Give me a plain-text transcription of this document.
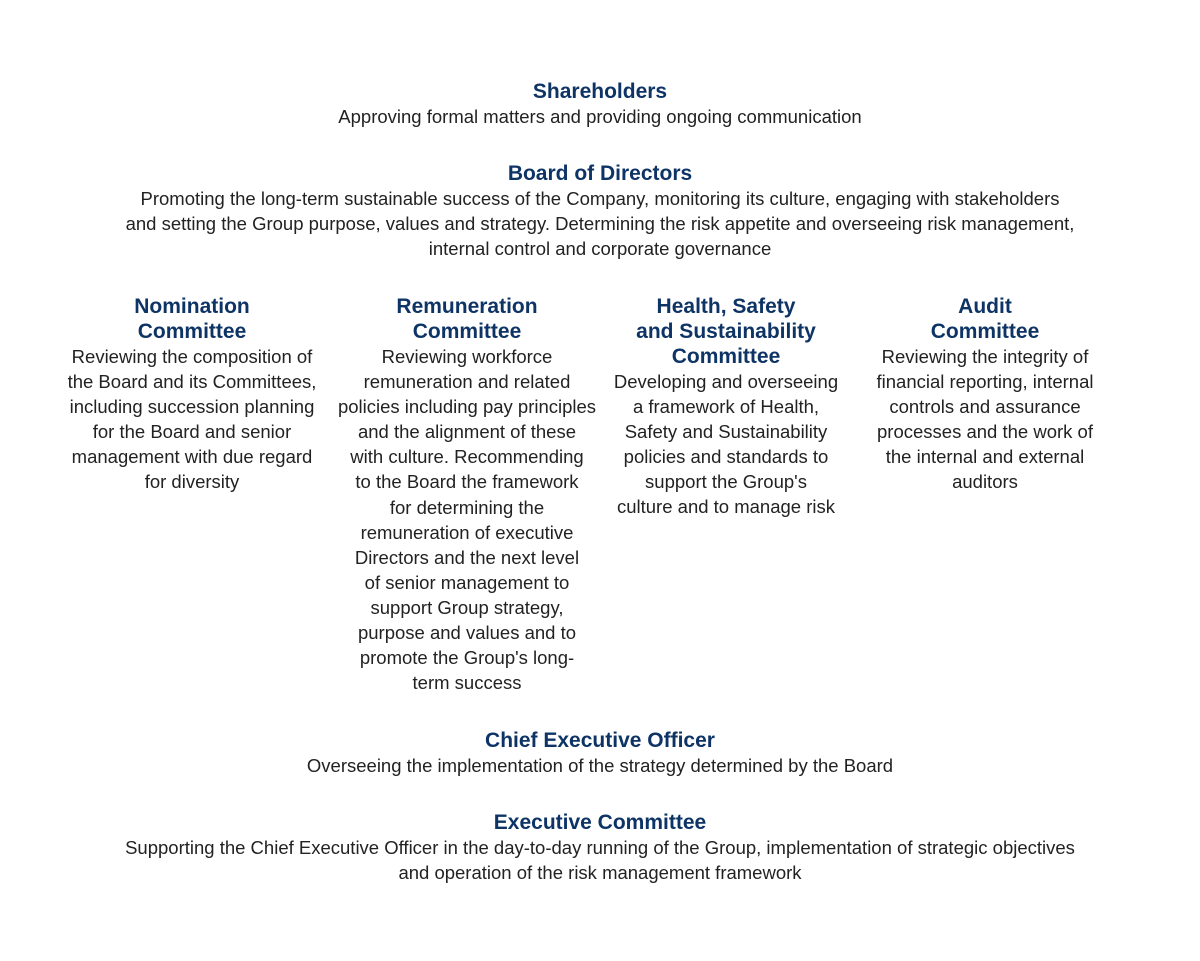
Shareholders
Approving formal matters and providing ongoing communication
Board of Directors
Promoting the long-term sustainable success of the Company, monitoring its culture, engaging with stakeholders
and setting the Group purpose, values and strategy. Determining the risk appetite and overseeing risk management,
internal control and corporate governance
Nomination
Committee
Reviewing the composition of
the Board and its Committees,
including succession planning
for the Board and senior
management with due regard
for diversity
Remuneration
Committee
Reviewing workforce
remuneration and related
policies including pay principles
and the alignment of these
with culture. Recommending
to the Board the framework
for determining the
remuneration of executive
Directors and the next level
of senior management to
support Group strategy,
purpose and values and to
promote the Group's long-
term success
Health, Safety
and Sustainability
Committee
Developing and overseeing
a framework of Health,
Safety and Sustainability
policies and standards to
support the Group's
culture and to manage risk
Audit
Committee
Reviewing the integrity of
financial reporting, internal
controls and assurance
processes and the work of
the internal and external
auditors
Chief Executive Officer
Overseeing the implementation of the strategy determined by the Board
Executive Committee
Supporting the Chief Executive Officer in the day-to-day running of the Group, implementation of strategic objectives
and operation of the risk management framework
